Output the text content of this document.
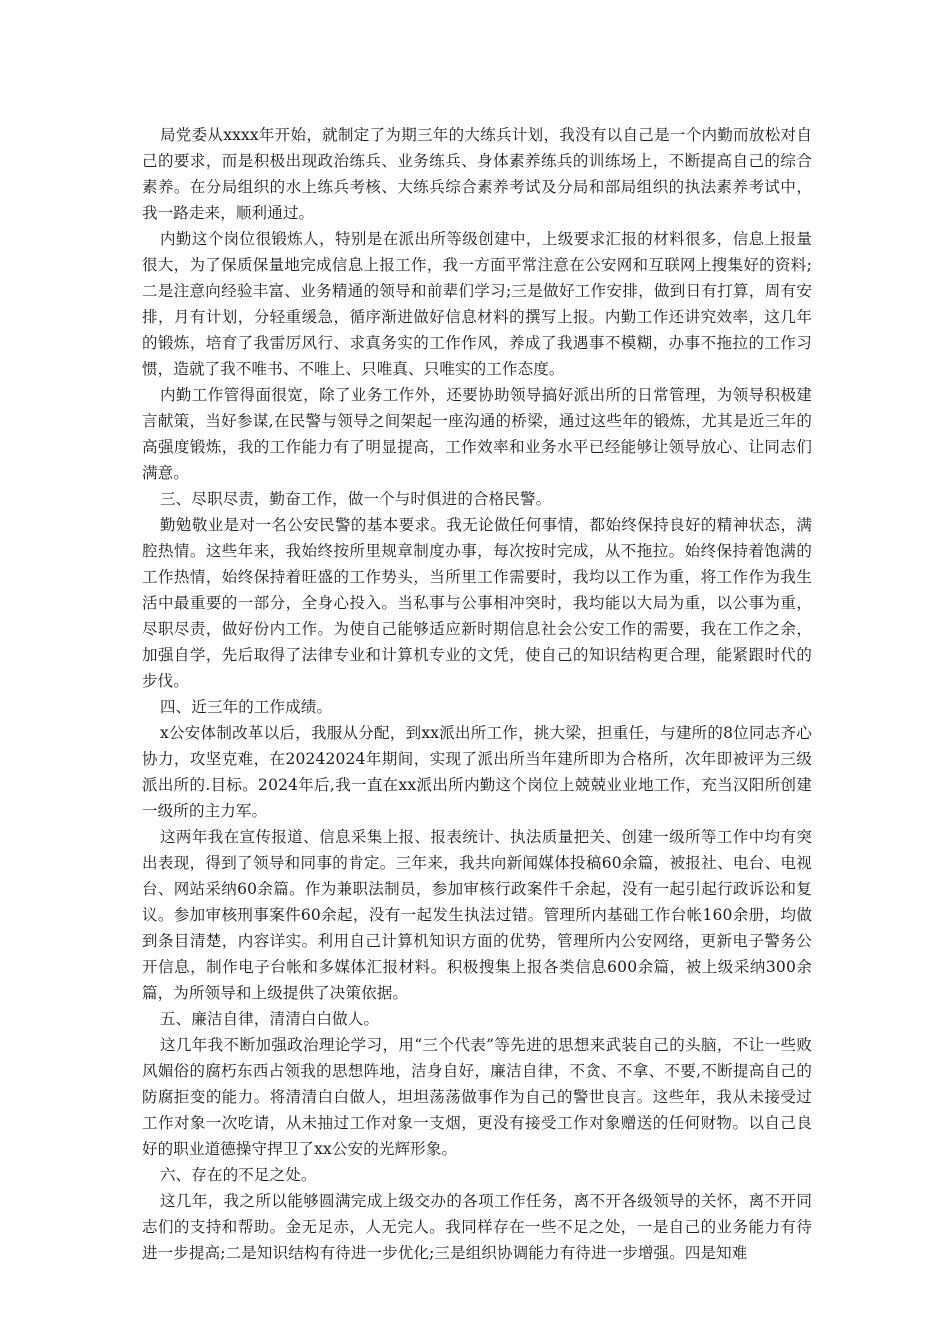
局党委从xxxx年开始，就制定了为期三年的大练兵计划，我没有以自己是一个内勤而放松对自己的要求，而是积极出现政治练兵、业务练兵、身体素养练兵的训练场上，不断提高自己的综合素养。在分局组织的水上练兵考核、大练兵综合素养考试及分局和部局组织的执法素养考试中，我一路走来，顺利通过。

内勤这个岗位很锻炼人，特别是在派出所等级创建中，上级要求汇报的材料很多，信息上报量很大，为了保质保量地完成信息上报工作，我一方面平常注意在公安网和互联网上搜集好的资料;二是注意向经验丰富、业务精通的领导和前辈们学习;三是做好工作安排，做到日有打算，周有安排，月有计划，分轻重缓急，循序渐进做好信息材料的撰写上报。内勤工作还讲究效率，这几年的锻炼，培育了我雷厉风行、求真务实的工作作风，养成了我遇事不模糊，办事不拖拉的工作习惯，造就了我不唯书、不唯上、只唯真、只唯实的工作态度。

内勤工作管得面很宽，除了业务工作外，还要协助领导搞好派出所的日常管理，为领导积极建言献策，当好参谋,在民警与领导之间架起一座沟通的桥梁，通过这些年的锻炼，尤其是近三年的高强度锻炼，我的工作能力有了明显提高，工作效率和业务水平已经能够让领导放心、让同志们满意。

三、尽职尽责，勤奋工作，做一个与时俱进的合格民警。

勤勉敬业是对一名公安民警的基本要求。我无论做任何事情，都始终保持良好的精神状态，满腔热情。这些年来，我始终按所里规章制度办事，每次按时完成，从不拖拉。始终保持着饱满的工作热情，始终保持着旺盛的工作势头，当所里工作需要时，我均以工作为重，将工作作为我生活中最重要的一部分，全身心投入。当私事与公事相冲突时，我均能以大局为重，以公事为重，尽职尽责，做好份内工作。为使自己能够适应新时期信息社会公安工作的需要，我在工作之余，加强自学，先后取得了法律专业和计算机专业的文凭，使自己的知识结构更合理，能紧跟时代的步伐。

四、近三年的工作成绩。

x公安体制改革以后，我服从分配，到xx派出所工作，挑大梁，担重任，与建所的8位同志齐心协力，攻坚克难，在20242024年期间，实现了派出所当年建所即为合格所，次年即被评为三级派出所的.目标。2024年后,我一直在xx派出所内勤这个岗位上兢兢业业地工作，充当汉阳所创建一级所的主力军。

这两年我在宣传报道、信息采集上报、报表统计、执法质量把关、创建一级所等工作中均有突出表现，得到了领导和同事的肯定。三年来，我共向新闻媒体投稿60余篇，被报社、电台、电视台、网站采纳60余篇。作为兼职法制员，参加审核行政案件千余起，没有一起引起行政诉讼和复议。参加审核刑事案件60余起，没有一起发生执法过错。管理所内基础工作台帐160余册，均做到条目清楚，内容详实。利用自己计算机知识方面的优势，管理所内公安网络，更新电子警务公开信息，制作电子台帐和多媒体汇报材料。积极搜集上报各类信息600余篇，被上级采纳300余篇，为所领导和上级提供了决策依据。

五、廉洁自律，清清白白做人。

这几年我不断加强政治理论学习，用“三个代表”等先进的思想来武装自己的头脑，不让一些败风媚俗的腐朽东西占领我的思想阵地，洁身自好，廉洁自律，不贪、不拿、不要,不断提高自己的防腐拒变的能力。将清清白白做人，坦坦荡荡做事作为自己的警世良言。这些年，我从未接受过工作对象一次吃请，从未抽过工作对象一支烟，更没有接受工作对象赠送的任何财物。以自己良好的职业道德操守捍卫了xx公安的光辉形象。

六、存在的不足之处。

这几年，我之所以能够圆满完成上级交办的各项工作任务，离不开各级领导的关怀，离不开同志们的支持和帮助。金无足赤，人无完人。我同样存在一些不足之处，一是自己的业务能力有待进一步提高;二是知识结构有待进一步优化;三是组织协调能力有待进一步增强。四是知难
